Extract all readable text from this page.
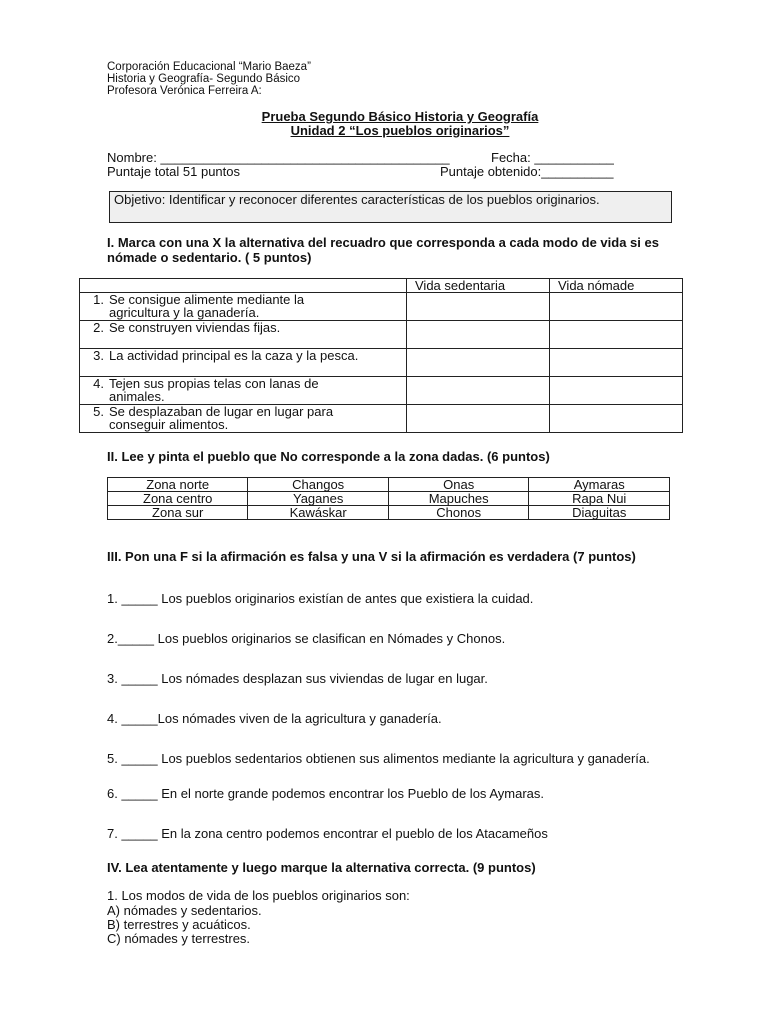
Corporación Educacional “Mario Baeza”
Historia y Geografía- Segundo Básico
Profesora Verónica Ferreira A:
Prueba Segundo Básico Historia y Geografía
Unidad 2 “Los pueblos originarios”
Nombre: ________________________________________	Fecha: ___________
Puntaje total 51 puntos	Puntaje obtenido:__________
Objetivo: Identificar y reconocer diferentes características de los pueblos originarios.
I. Marca con una X la alternativa del recuadro que corresponda a cada modo de vida si es nómade o sedentario. ( 5 puntos)
	Vida sedentaria	Vida nómade
1. Se consigue alimente mediante la agricultura y la ganadería.		
2. Se construyen viviendas fijas.		
3. La actividad principal es la caza y la pesca.		
4. Tejen sus propias telas con lanas de animales.		
5. Se desplazaban de lugar en lugar para conseguir alimentos.		
II. Lee y pinta el pueblo que No corresponde a la zona dadas. (6 puntos)
Zona norte	Changos	Onas	Aymaras
Zona centro	Yaganes	Mapuches	Rapa Nui
Zona sur	Kawáskar	Chonos	Diaguitas
III. Pon una F si la afirmación es falsa y una V si la afirmación es verdadera (7 puntos)
1. _____ Los pueblos originarios existían de antes que existiera la cuidad.
2._____ Los pueblos originarios se clasifican en Nómades y Chonos.
3. _____ Los nómades desplazan sus viviendas de lugar en lugar.
4. _____Los nómades viven de la agricultura y ganadería.
5. _____ Los pueblos sedentarios obtienen sus alimentos mediante la agricultura y ganadería.
6. _____ En el norte grande podemos encontrar los Pueblo de los Aymaras.
7. _____ En la zona centro podemos encontrar el pueblo de los Atacameños
IV. Lea atentamente y luego marque la alternativa correcta. (9 puntos)
1. Los modos de vida de los pueblos originarios son:
A) nómades y sedentarios.
B) terrestres y acuáticos.
C) nómades y terrestres.
